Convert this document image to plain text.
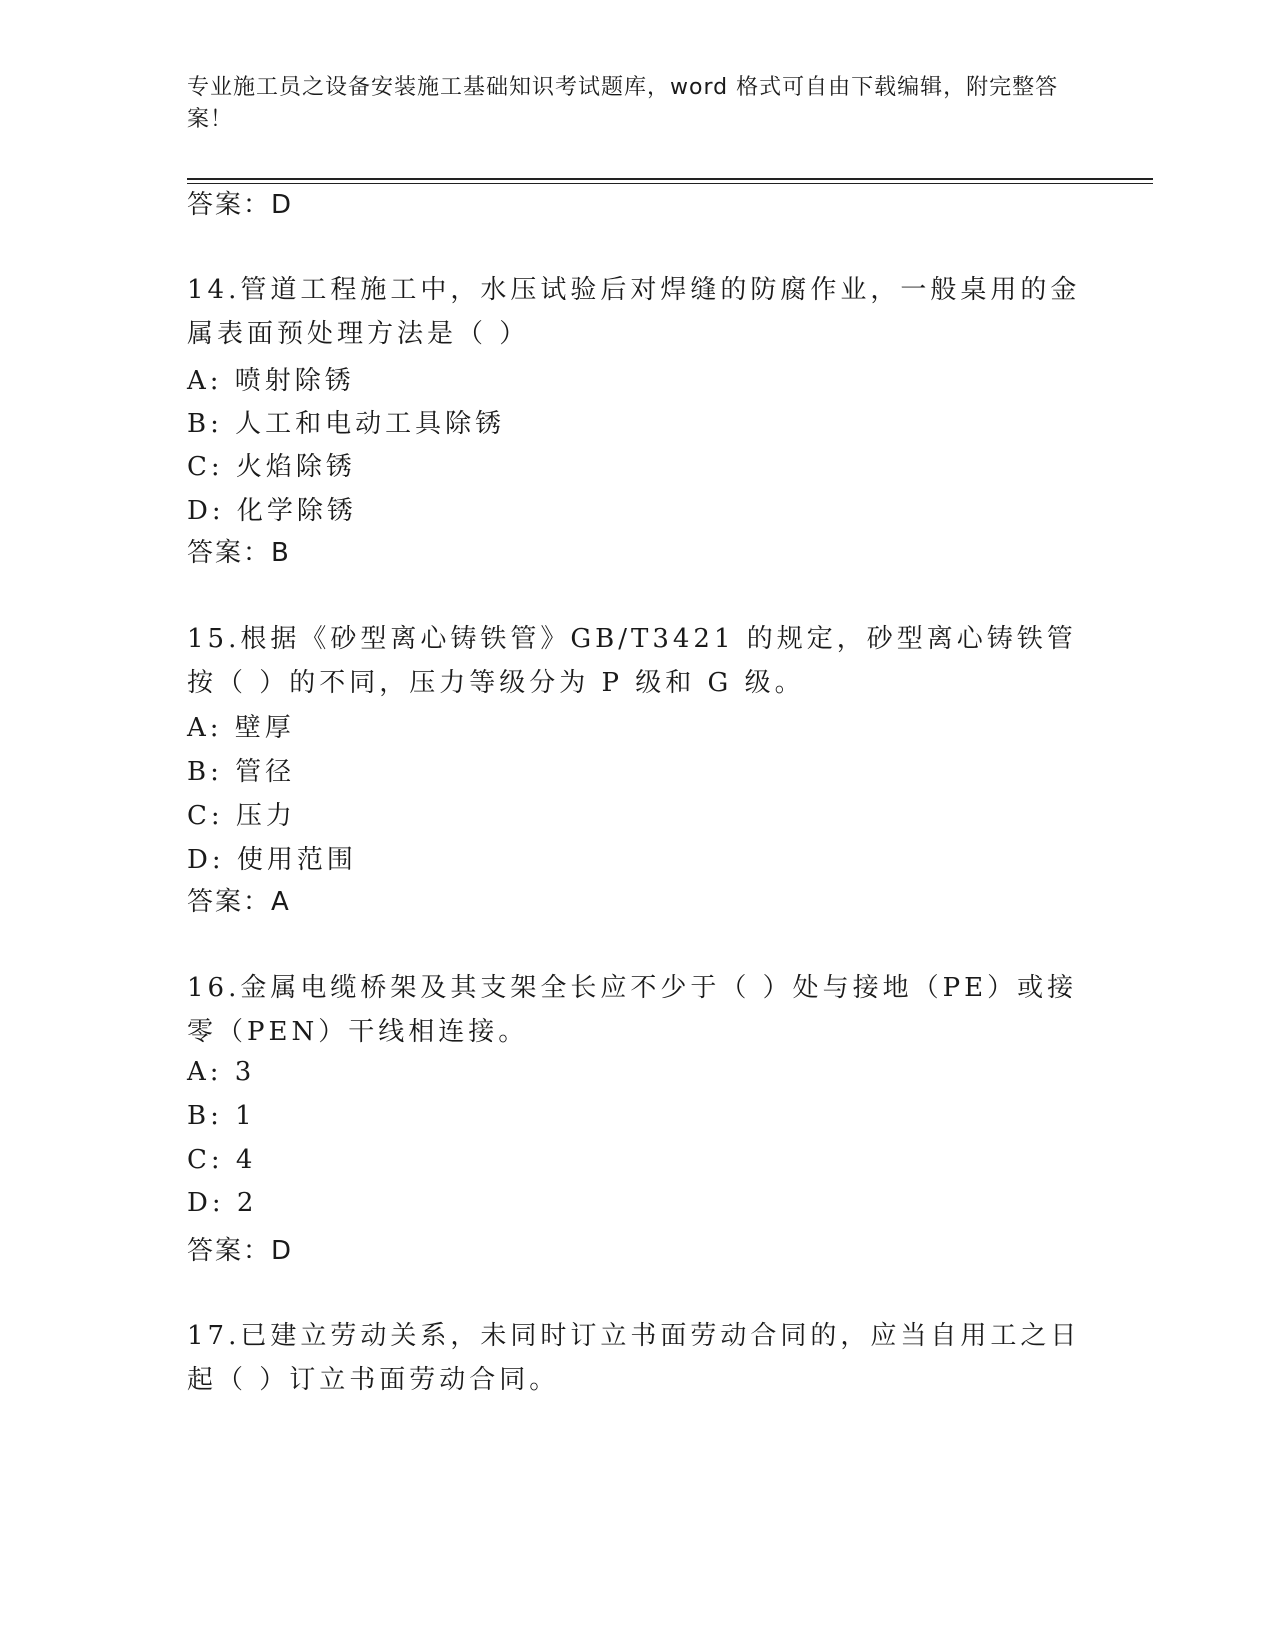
专业施工员之设备安装施工基础知识考试题库，word 格式可自由下载编辑，附完整答案！
答案：D
14.管道工程施工中，水压试验后对焊缝的防腐作业，一般桌用的金属表面预处理方法是（ ）
A: 喷射除锈
B: 人工和电动工具除锈
C: 火焰除锈
D: 化学除锈
答案：B
15.根据《砂型离心铸铁管》GB/T3421 的规定，砂型离心铸铁管按（ ）的不同，压力等级分为 P 级和 G 级。
A: 壁厚
B: 管径
C: 压力
D: 使用范围
答案：A
16.金属电缆桥架及其支架全长应不少于（ ）处与接地（PE）或接零（PEN）干线相连接。
A: 3
B: 1
C: 4
D: 2
答案：D
17.已建立劳动关系，未同时订立书面劳动合同的，应当自用工之日起（ ）订立书面劳动合同。
